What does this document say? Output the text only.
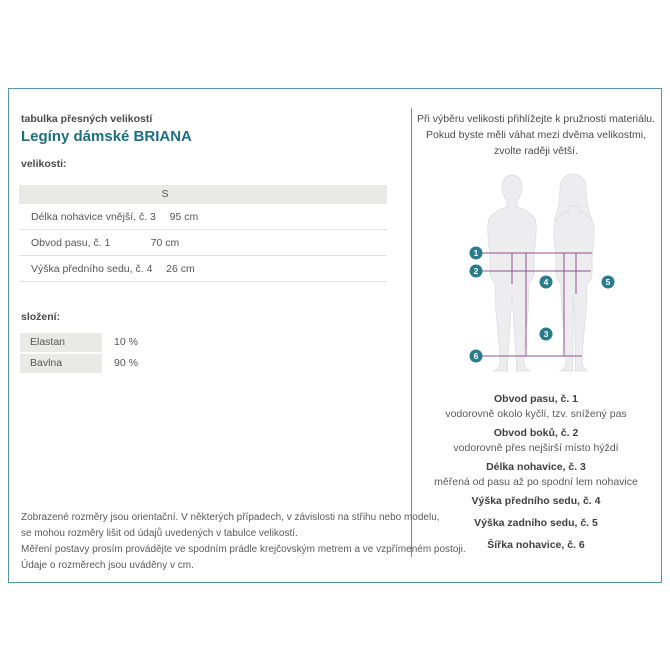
tabulka přesných velikostí
Legíny dámské BRIANA
velikosti:
S
Délka nohavice vnější, č. 3	95 cm
Obvod pasu, č. 1	70 cm
Výška předního sedu, č. 4	26 cm
složení:
Elastan	10 %
Bavlna	90 %
Zobrazené rozměry jsou orientační. V některých případech, v závislosti na střihu nebo modelu,
se mohou rozměry lišit od údajů uvedených v tabulce velikostí.
Měření postavy prosím provádějte ve spodním prádle krejčovským metrem a ve vzpřímeném postoji.
Údaje o rozměrech jsou uváděny v cm.
Při výběru velikosti přihlížejte k pružnosti materiálu.
Pokud byste měli váhat mezi dvěma velikostmi,
zvolte raději větší.
1
2
3
4	5
6
Obvod pasu, č. 1
vodorovně okolo kyčlí, tzv. snížený pas
Obvod boků, č. 2
vodorovně přes nejširší místo hýždí
Délka nohavice, č. 3
měřená od pasu až po spodní lem nohavice
Výška předního sedu, č. 4
Výška zadního sedu, č. 5
Šířka nohavice, č. 6
